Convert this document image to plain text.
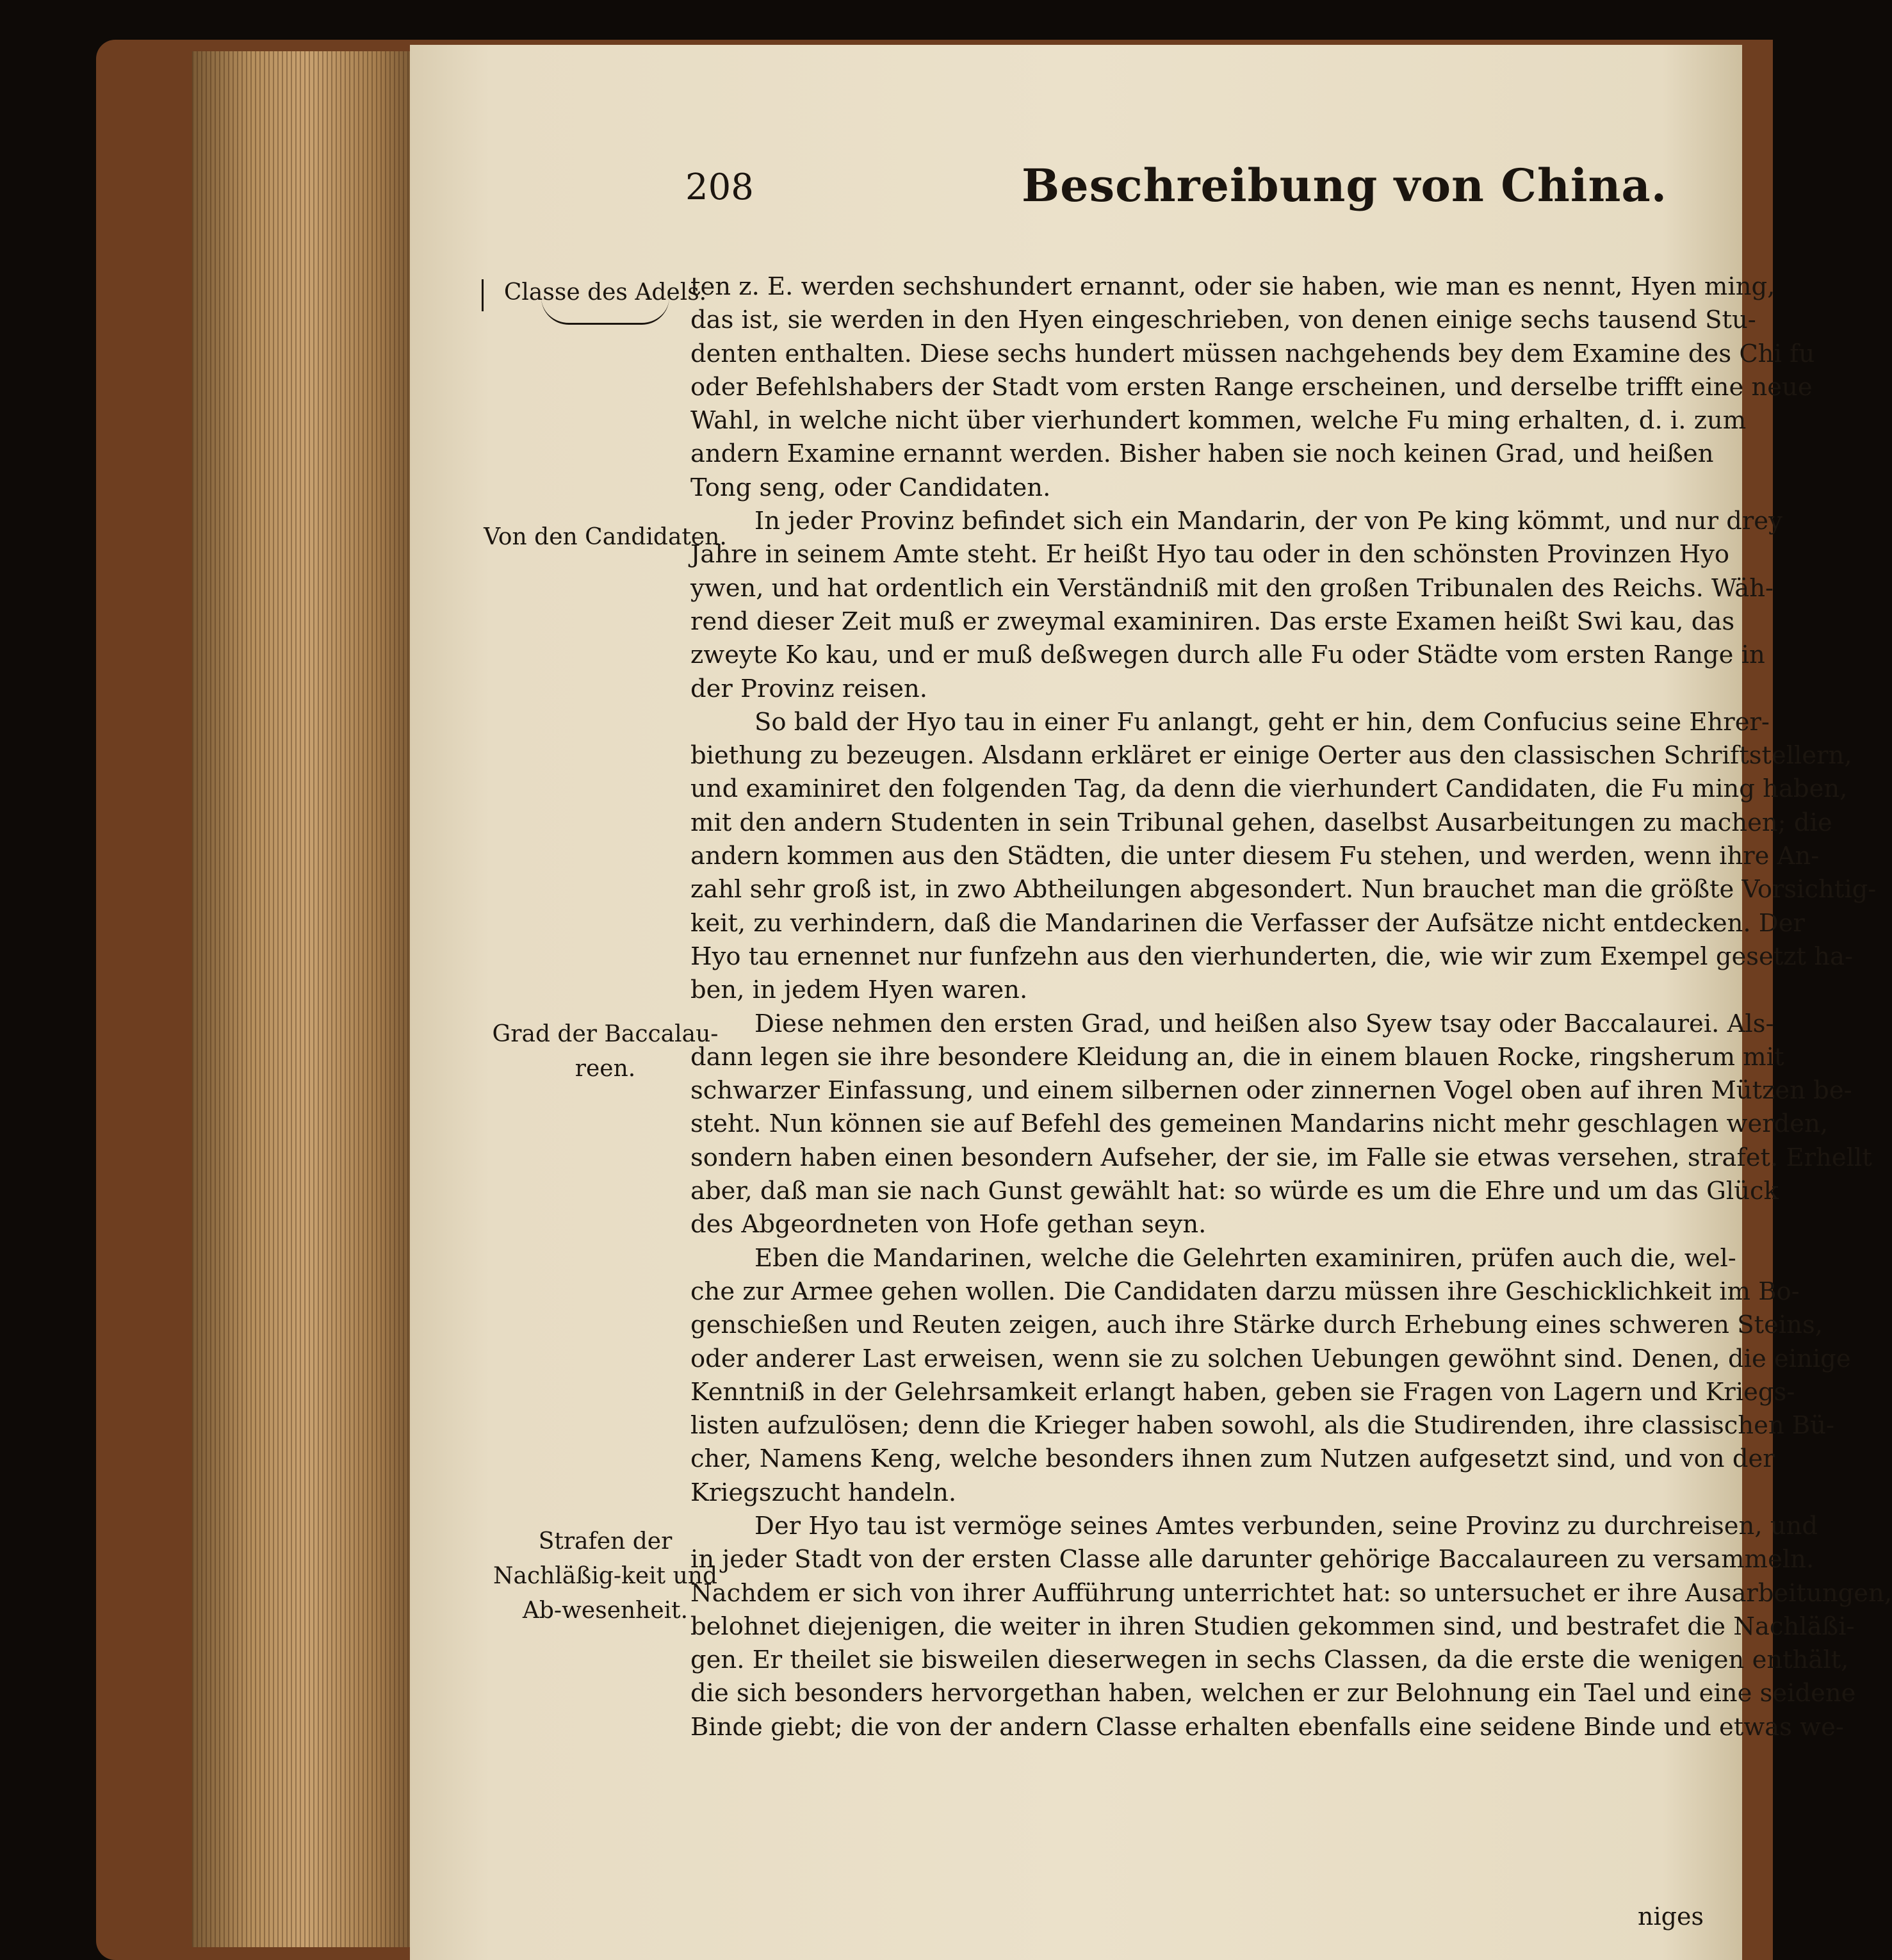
208	Beschreibung von China.
Classe des Adels.
Von den Candidaten.
Grad der Baccalau-reen.
Strafen der Nachläßig-keit und Ab-wesenheit.
ten z. E. werden sechshundert ernannt, oder sie haben, wie man es nennt, Hyen ming,
das ist, sie werden in den Hyen eingeschrieben, von denen einige sechs tausend Stu-
denten enthalten. Diese sechs hundert müssen nachgehends bey dem Examine des Chi fu
oder Befehlshabers der Stadt vom ersten Range erscheinen, und derselbe trifft eine neue
Wahl, in welche nicht über vierhundert kommen, welche Fu ming erhalten, d. i. zum
andern Examine ernannt werden. Bisher haben sie noch keinen Grad, und heißen
Tong seng, oder Candidaten.
In jeder Provinz befindet sich ein Mandarin, der von Pe king kömmt, und nur drey
Jahre in seinem Amte steht. Er heißt Hyo tau oder in den schönsten Provinzen Hyo
ywen, und hat ordentlich ein Verständniß mit den großen Tribunalen des Reichs. Wäh-
rend dieser Zeit muß er zweymal examiniren. Das erste Examen heißt Swi kau, das
zweyte Ko kau, und er muß deßwegen durch alle Fu oder Städte vom ersten Range in
der Provinz reisen.
So bald der Hyo tau in einer Fu anlangt, geht er hin, dem Confucius seine Ehrer-
biethung zu bezeugen. Alsdann erkläret er einige Oerter aus den classischen Schriftstellern,
und examiniret den folgenden Tag, da denn die vierhundert Candidaten, die Fu ming haben,
mit den andern Studenten in sein Tribunal gehen, daselbst Ausarbeitungen zu machen; die
andern kommen aus den Städten, die unter diesem Fu stehen, und werden, wenn ihre An-
zahl sehr groß ist, in zwo Abtheilungen abgesondert. Nun brauchet man die größte Vorsichtig-
keit, zu verhindern, daß die Mandarinen die Verfasser der Aufsätze nicht entdecken. Der
Hyo tau ernennet nur funfzehn aus den vierhunderten, die, wie wir zum Exempel gesetzt ha-
ben, in jedem Hyen waren.
Diese nehmen den ersten Grad, und heißen also Syew tsay oder Baccalaurei. Als-
dann legen sie ihre besondere Kleidung an, die in einem blauen Rocke, ringsherum mit
schwarzer Einfassung, und einem silbernen oder zinnernen Vogel oben auf ihren Mützen be-
steht. Nun können sie auf Befehl des gemeinen Mandarins nicht mehr geschlagen werden,
sondern haben einen besondern Aufseher, der sie, im Falle sie etwas versehen, strafet. Erhellt
aber, daß man sie nach Gunst gewählt hat: so würde es um die Ehre und um das Glück
des Abgeordneten von Hofe gethan seyn.
Eben die Mandarinen, welche die Gelehrten examiniren, prüfen auch die, wel-
che zur Armee gehen wollen. Die Candidaten darzu müssen ihre Geschicklichkeit im Bo-
genschießen und Reuten zeigen, auch ihre Stärke durch Erhebung eines schweren Steins,
oder anderer Last erweisen, wenn sie zu solchen Uebungen gewöhnt sind. Denen, die einige
Kenntniß in der Gelehrsamkeit erlangt haben, geben sie Fragen von Lagern und Kriegs-
listen aufzulösen; denn die Krieger haben sowohl, als die Studirenden, ihre classischen Bü-
cher, Namens Keng, welche besonders ihnen zum Nutzen aufgesetzt sind, und von der
Kriegszucht handeln.
Der Hyo tau ist vermöge seines Amtes verbunden, seine Provinz zu durchreisen, und
in jeder Stadt von der ersten Classe alle darunter gehörige Baccalaureen zu versammeln.
Nachdem er sich von ihrer Aufführung unterrichtet hat: so untersuchet er ihre Ausarbeitungen,
belohnet diejenigen, die weiter in ihren Studien gekommen sind, und bestrafet die Nachläßi-
gen. Er theilet sie bisweilen dieserwegen in sechs Classen, da die erste die wenigen enthält,
die sich besonders hervorgethan haben, welchen er zur Belohnung ein Tael und eine seidene
Binde giebt; die von der andern Classe erhalten ebenfalls eine seidene Binde und etwas we-
niges
